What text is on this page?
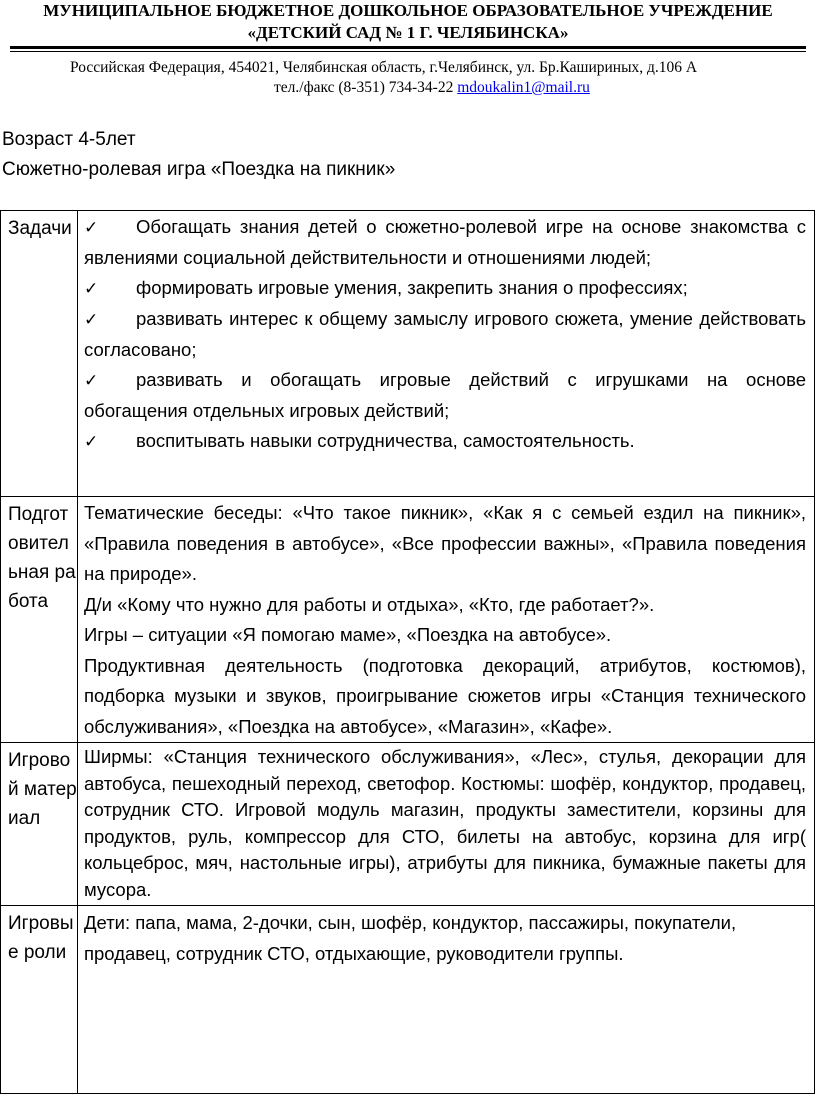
МУНИЦИПАЛЬНОЕ БЮДЖЕТНОЕ ДОШКОЛЬНОЕ ОБРАЗОВАТЕЛЬНОЕ УЧРЕЖДЕНИЕ
«ДЕТСКИЙ САД № 1 Г. ЧЕЛЯБИНСКА»
Российская Федерация, 454021, Челябинская область, г.Челябинск, ул. Бр.Кашириных, д.106 А
тел./факс (8-351) 734-34-22 mdoukalin1@mail.ru
Возраст 4-5лет
Сюжетно-ролевая игра «Поездка на пикник»
Задачи	✓ Обогащать знания детей о сюжетно-ролевой игре на основе знакомства с явлениями социальной действительности и отношениями людей;
✓ формировать игровые умения, закрепить знания о профессиях;
✓ развивать интерес к общему замыслу игрового сюжета, умение действовать согласовано;
✓ развивать и обогащать игровые действий с игрушками на основе обогащения отдельных игровых действий;
✓ воспитывать навыки сотрудничества, самостоятельность.

Подготовительная работа	Тематические беседы: «Что такое пикник», «Как я с семьей ездил на пикник», «Правила поведения в автобусе», «Все профессии важны», «Правила поведения на природе».

Д/и «Кому что нужно для работы и отдыха», «Кто, где работает?».

Игры – ситуации «Я помогаю маме», «Поездка на автобусе».

Продуктивная деятельность (подготовка декораций, атрибутов, костюмов), подборка музыки и звуков, проигрывание сюжетов игры «Станция технического обслуживания», «Поездка на автобусе», «Магазин», «Кафе».

Игровой материал	Ширмы: «Станция технического обслуживания», «Лес», стулья, декорации для автобуса, пешеходный переход, светофор. Костюмы: шофёр, кондуктор, продавец, сотрудник СТО. Игровой модуль магазин, продукты заместители, корзины для продуктов, руль, компрессор для СТО, билеты на автобус, корзина для игр( кольцеброс, мяч, настольные игры), атрибуты для пикника, бумажные пакеты для мусора.

Игровые роли	Дети: папа, мама, 2-дочки, сын, шофёр, кондуктор, пассажиры, покупатели, продавец, сотрудник СТО, отдыхающие, руководители группы.
